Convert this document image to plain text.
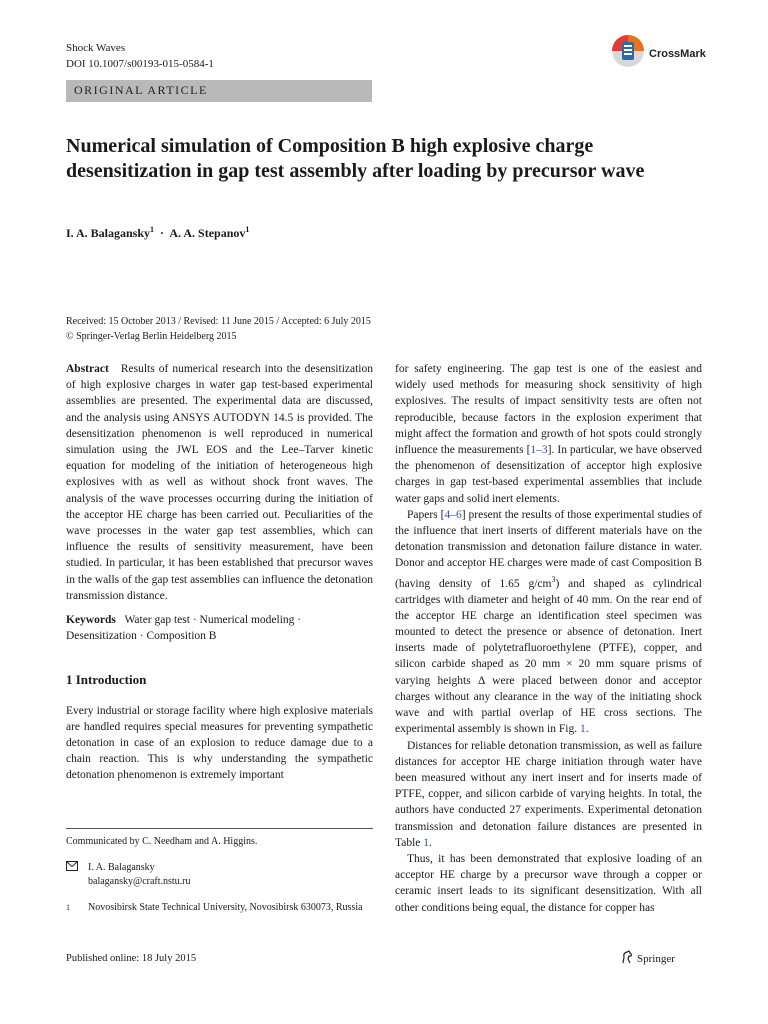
Shock Waves
DOI 10.1007/s00193-015-0584-1
CrossMark
ORIGINAL ARTICLE
Numerical simulation of Composition B high explosive charge desensitization in gap test assembly after loading by precursor wave
I. A. Balagansky$^1$ · A. A. Stepanov$^1$
Received: 15 October 2013 / Revised: 11 June 2015 / Accepted: 6 July 2015
© Springer-Verlag Berlin Heidelberg 2015

Abstract Results of numerical research into the desensitization of high explosive charges in water gap test-based experimental assemblies are presented. The experimental data are discussed, and the analysis using ANSYS AUTODYN 14.5 is provided. The desensitization phenomenon is well reproduced in numerical simulation using the JWL EOS and the Lee–Tarver kinetic equation for modeling of the initiation of heterogeneous high explosives with as well as without shock front waves. The analysis of the wave processes occurring during the initiation of the acceptor HE charge has been carried out. Peculiarities of the wave processes in the water gap test assemblies, which can influence the results of sensitivity measurement, have been studied. In particular, it has been established that precursor waves in the walls of the gap test assemblies can influence the detonation transmission distance.

Keywords Water gap test · Numerical modeling · Desensitization · Composition B

1 Introduction

Every industrial or storage facility where high explosive materials are handled requires special measures for preventing sympathetic detonation in case of an explosion to reduce damage due to a chain reaction. This is why understanding the sympathetic detonation phenomenon is extremely important

for safety engineering. The gap test is one of the easiest and widely used methods for measuring shock sensitivity of high explosives. The results of impact sensitivity tests are often not reproducible, because factors in the explosion experiment that might affect the formation and growth of hot spots could strongly influence the measurements [1–3]. In particular, we have observed the phenomenon of desensitization of acceptor high explosive charges in gap test-based experimental assemblies that include water gaps and solid inert elements.

Papers [4–6] present the results of those experimental studies of the influence that inert inserts of different materials have on the detonation transmission and detonation failure distance in water. Donor and acceptor HE charges were made of cast Composition B (having density of 1.65 $g/cm^3$) and shaped as cylindrical cartridges with diameter and height of 40 mm. On the rear end of the acceptor HE charge an identification steel specimen was mounted to detect the presence or absence of detonation. Inert inserts made of polytetrafluoroethylene (PTFE), copper, and silicon carbide shaped as 20 mm × 20 mm square prisms of varying heights Δ were placed between donor and acceptor charges without any clearance in the way of the initiating shock wave and with partial overlap of HE cross sections. The experimental assembly is shown in Fig. 1.

Distances for reliable detonation transmission, as well as failure distances for acceptor HE charge initiation through water have been measured without any inert insert and for inserts made of PTFE, copper, and silicon carbide of varying heights. In total, the authors have conducted 27 experiments. Experimental detonation transmission and detonation failure distances are presented in Table 1.

Thus, it has been demonstrated that explosive loading of an acceptor HE charge by a precursor wave through a copper or ceramic insert leads to its significant desensitization. With all other conditions being equal, the distance for copper has

Communicated by C. Needham and A. Higgins.
I. A. Balagansky
balagansky@craft.nstu.ru
1	Novosibirsk State Technical University, Novosibirsk 630073, Russia
Published online: 18 July 2015	Springer
